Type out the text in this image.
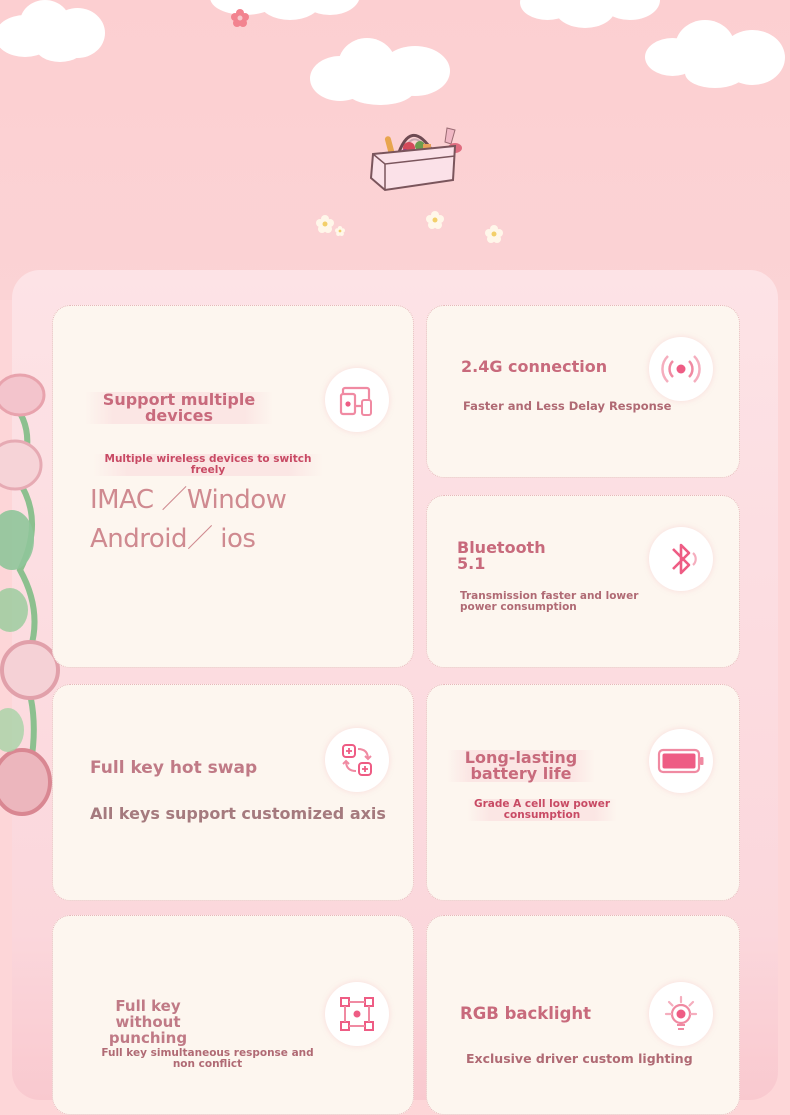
Support multiple devices
Multiple wireless devices to switch freely
IMAC ／Window
Android／ ios
2.4G connection
Faster and Less Delay Response
Bluetooth 5.1
Transmission faster and lower power consumption
Full key hot swap
All keys support customized axis
Long-lasting battery life
Grade A cell low power consumption
Full key without punching
Full key simultaneous response and non conflict
RGB backlight
Exclusive driver custom lighting
